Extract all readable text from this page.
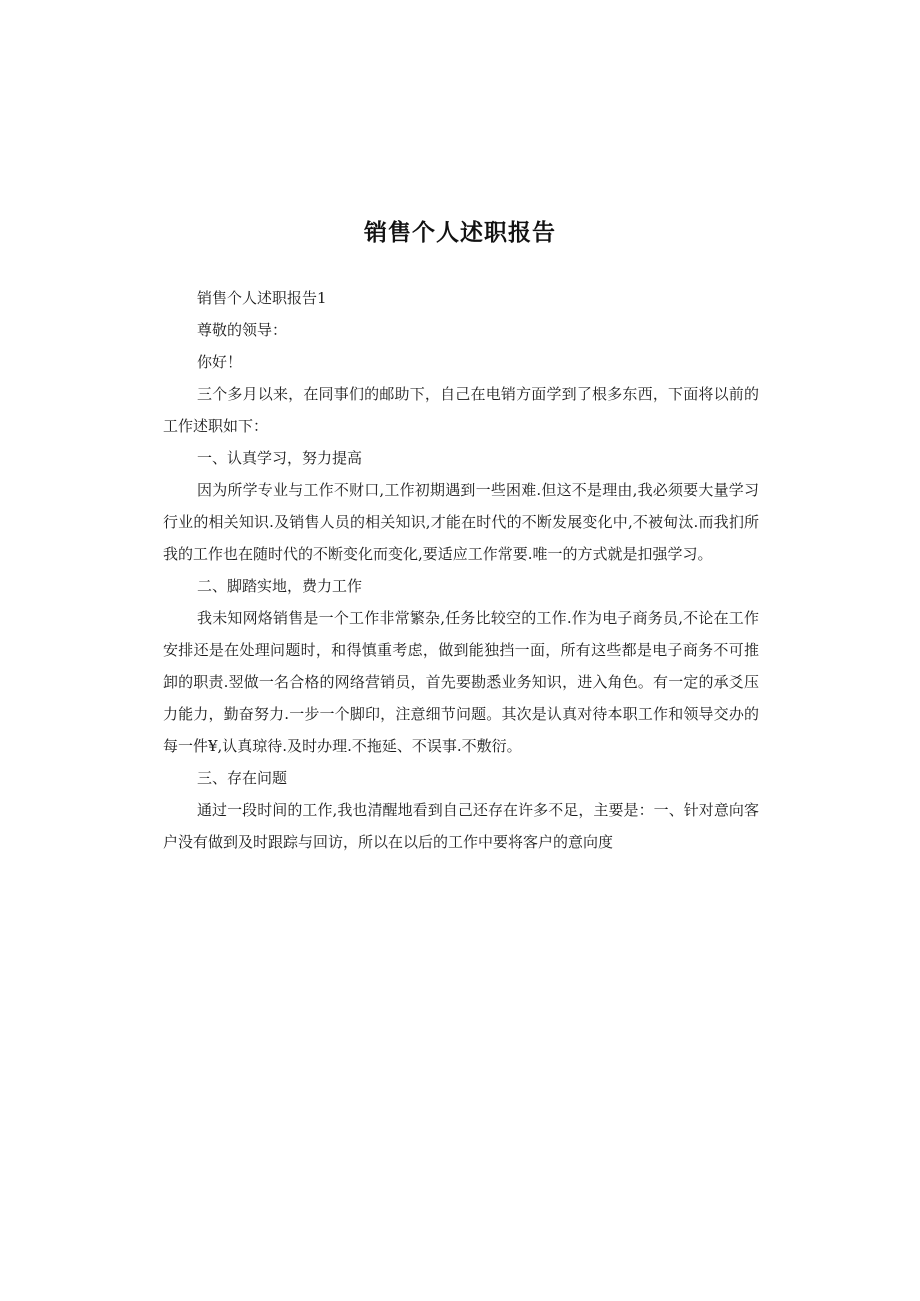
销售个人述职报告

销售个人述职报告1

尊敬的领导：

你好！

三个多月以来，在同事们的邮助下，自己在电销方面学到了根多东西，下面将以前的工作述职如下：

一、认真学习，努力提高

因为所学专业与工作不财口,工作初期遇到一些困难.但这不是理由,我必须要大量学习行业的相关知识.及销售人员的相关知识,才能在时代的不断发展变化中,不被甸汰.而我扪所我的工作也在随时代的不断变化而变化,要适应工作常要.唯一的方式就是扣强学习。

二、脚踏实地，费力工作

我未知网烙销售是一个工作非常繁杂,任务比较空的工作.作为电子商务员,不论在工作安排还是在处理问题时，和得慎重考虑，做到能独挡一面，所有这些都是电子商务不可推卸的职责.翌做一名合格的网络营销员，首先要勘悉业务知识，进入角色。有一定的承爻压力能力，勤奋努力.一步一个脚印，注意细节问题。其次是认真对待本职工作和领导交办的每一件¥,认真琼待.及时办理.不拖延、不误事.不敷衍。

三、存在问题

通过一段时间的工作,我也清醒地看到自己还存在许多不足，主要是：一、针对意向客户没有做到及时跟踪与回访，所以在以后的工作中要将客户的意向度
